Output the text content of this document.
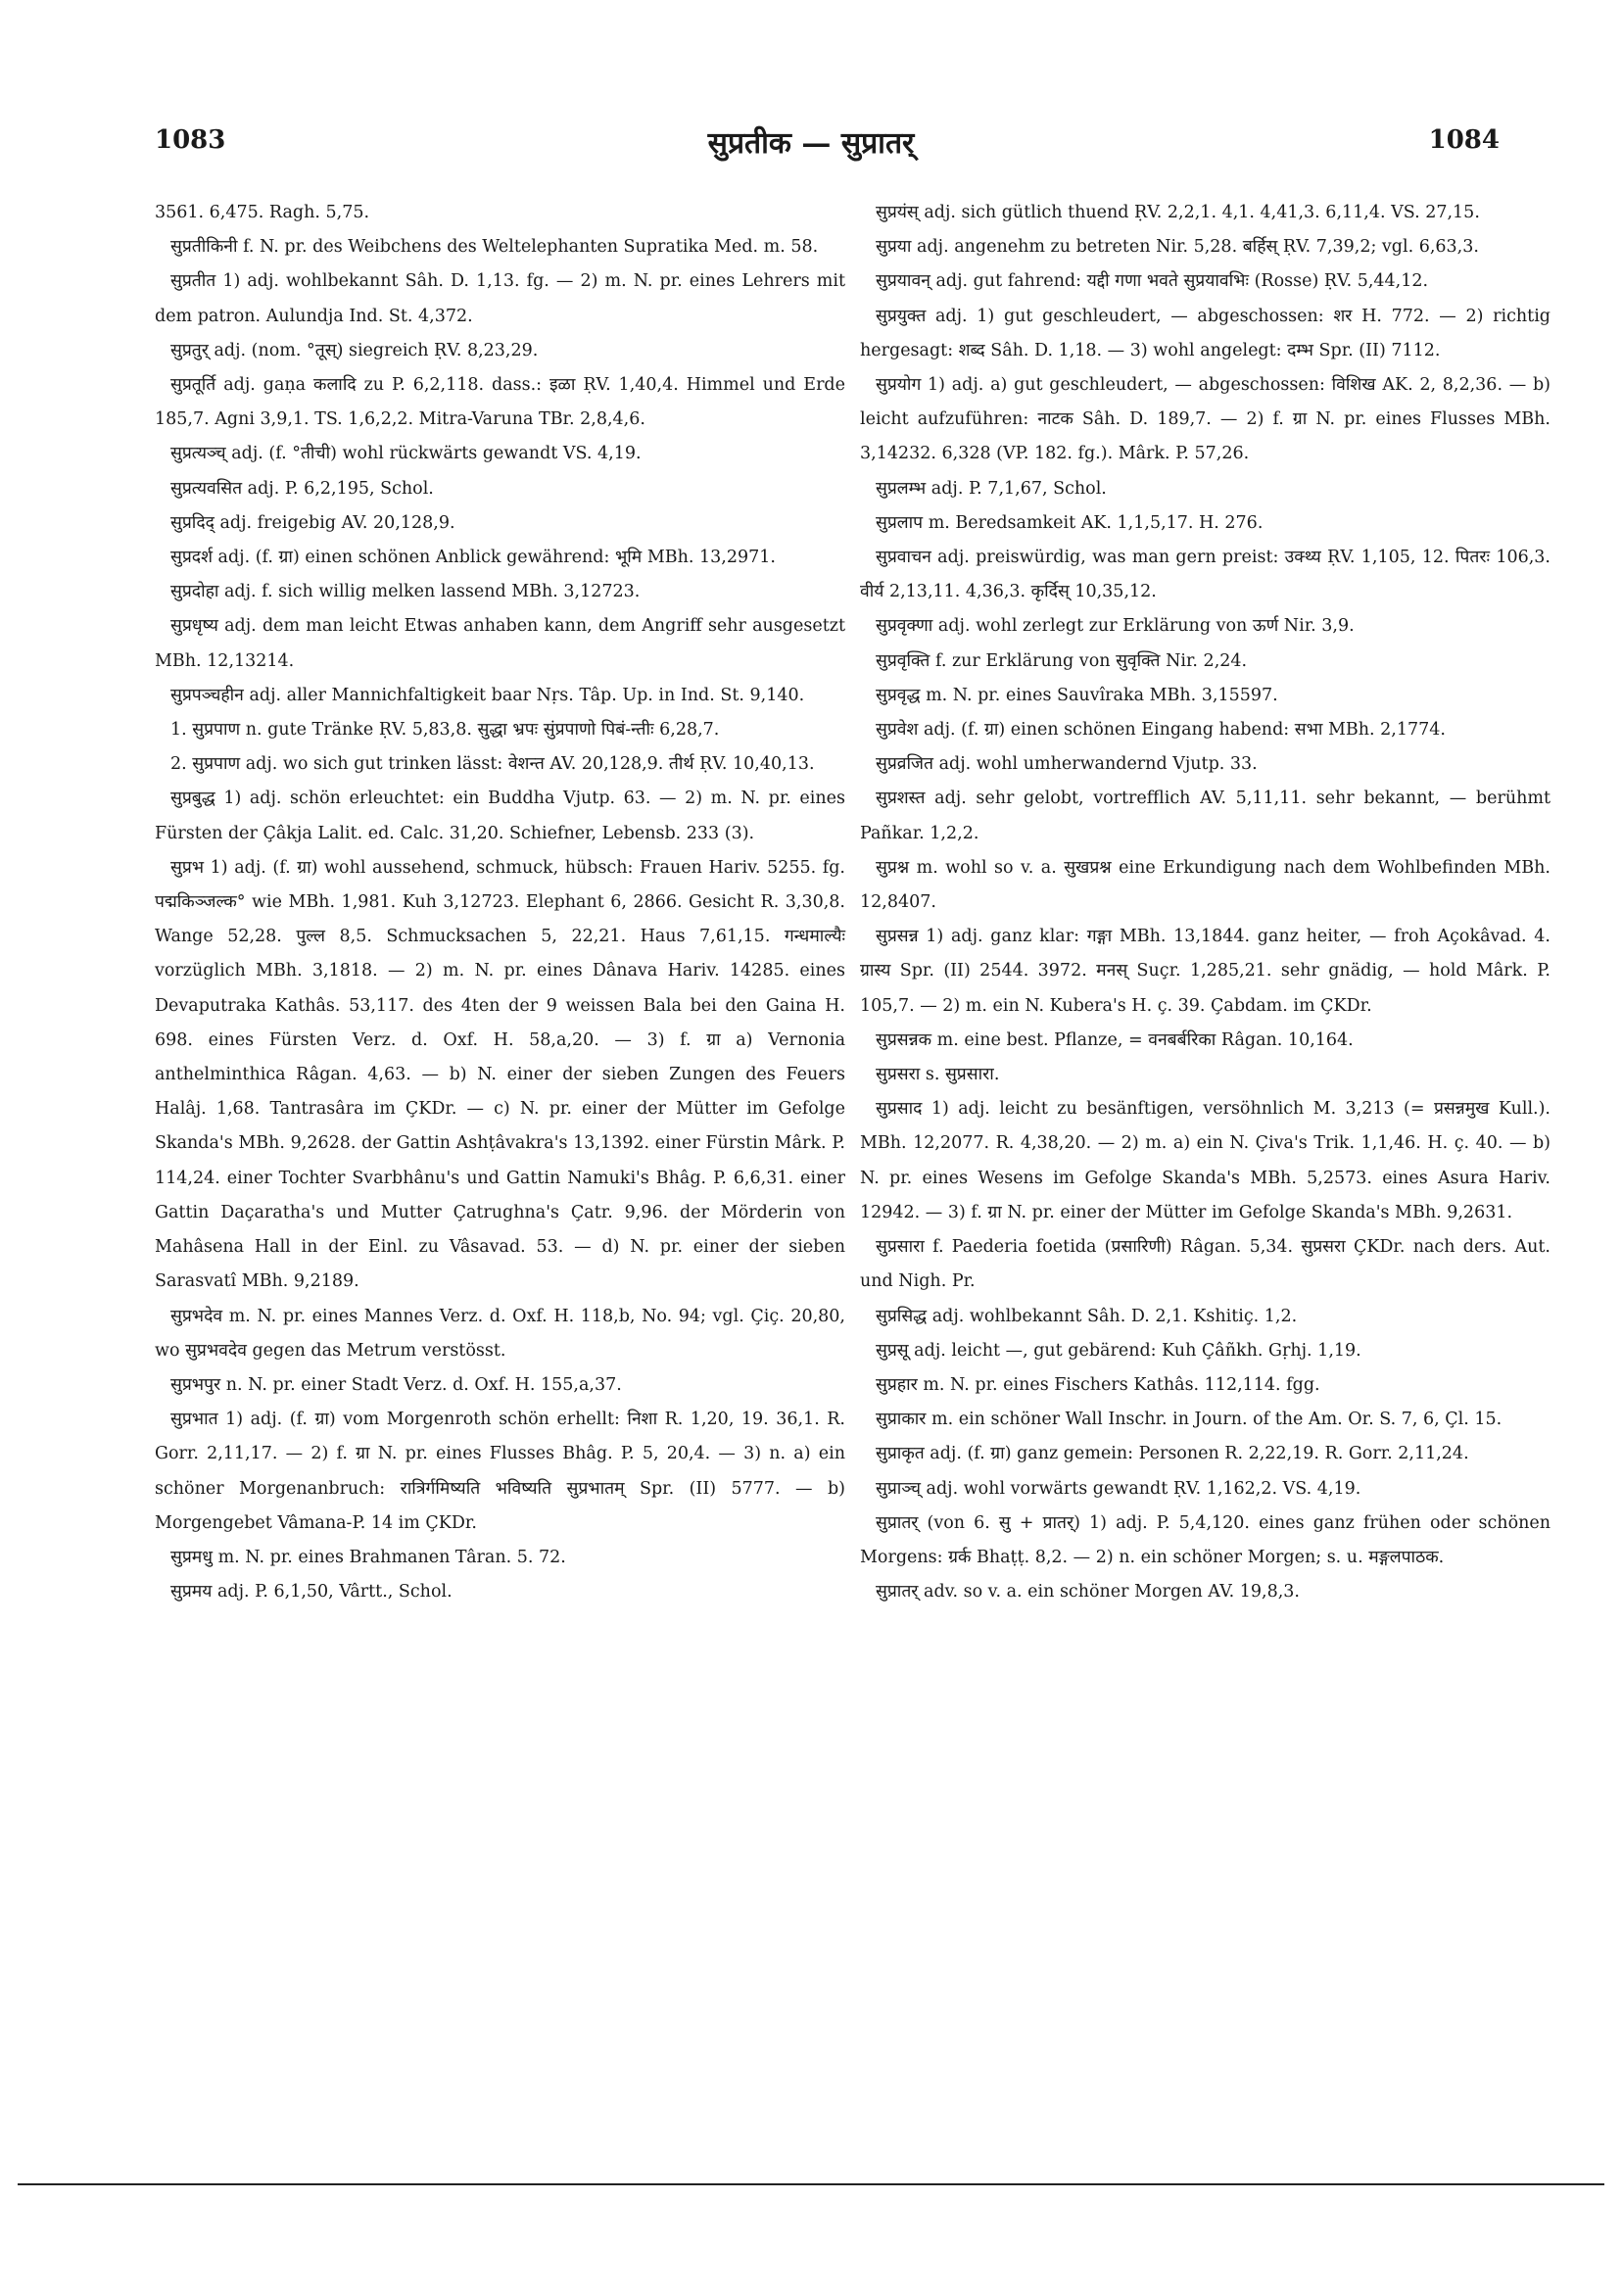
1083	सुप्रतीक — सुप्रातर्	1084

3561. 6,475. Ragh. 5,75.

सुप्रतीकिनी f. N. pr. des Weibchens des Weltelephanten Supratika Med. m. 58.

सुप्रतीत 1) adj. wohlbekannt Sâh. D. 1,13. fg. — 2) m. N. pr. eines Lehrers mit dem patron. Aulundja Ind. St. 4,372.

सुप्रतुर् adj. (nom. °तूस्) siegreich ṚV. 8,23,29.

सुप्रतूर्ति adj. gaṇa कलादि zu P. 6,2,118. dass.: इळा ṚV. 1,40,4. Himmel und Erde 185,7. Agni 3,9,1. TS. 1,6,2,2. Mitra-Varuna TBr. 2,8,4,6.

सुप्रत्यञ्च् adj. (f. °तीची) wohl rückwärts gewandt VS. 4,19.

सुप्रत्यवसित adj. P. 6,2,195, Schol.

सुप्रदिद् adj. freigebig AV. 20,128,9.

सुप्रदर्श adj. (f. ग्रा) einen schönen Anblick gewährend: भूमि MBh. 13,2971.

सुप्रदोहा adj. f. sich willig melken lassend MBh. 3,12723.

सुप्रधृष्य adj. dem man leicht Etwas anhaben kann, dem Angriff sehr ausgesetzt MBh. 12,13214.

सुप्रपञ्चहीन adj. aller Mannichfaltigkeit baar Nṛs. Tâp. Up. in Ind. St. 9,140.

1. सुप्रपाण n. gute Tränke ṚV. 5,83,8. सुद्धा भ्रपः सुंप्रपाणो पिबं-न्तीः 6,28,7.

2. सुप्रपाण adj. wo sich gut trinken lässt: वेशन्त AV. 20,128,9. तीर्थ ṚV. 10,40,13.

सुप्रबुद्ध 1) adj. schön erleuchtet: ein Buddha Vjutp. 63. — 2) m. N. pr. eines Fürsten der Çâkja Lalit. ed. Calc. 31,20. Schiefner, Lebensb. 233 (3).

सुप्रभ 1) adj. (f. ग्रा) wohl aussehend, schmuck, hübsch: Frauen Hariv. 5255. fg. पद्मकिञ्जल्क° wie MBh. 1,981. Kuh 3,12723. Elephant 6, 2866. Gesicht R. 3,30,8. Wange 52,28. पुल्ल 8,5. Schmucksachen 5, 22,21. Haus 7,61,15. गन्धमाल्यैः vorzüglich MBh. 3,1818. — 2) m. N. pr. eines Dânava Hariv. 14285. eines Devaputraka Kathâs. 53,117. des 4ten der 9 weissen Bala bei den Gaina H. 698. eines Fürsten Verz. d. Oxf. H. 58,a,20. — 3) f. ग्रा a) Vernonia anthelminthica Râgan. 4,63. — b) N. einer der sieben Zungen des Feuers Halâj. 1,68. Tantrasâra im ÇKDr. — c) N. pr. einer der Mütter im Gefolge Skanda's MBh. 9,2628. der Gattin Ashṭâvakra's 13,1392. einer Fürstin Mârk. P. 114,24. einer Tochter Svarbhânu's und Gattin Namuki's Bhâg. P. 6,6,31. einer Gattin Daçaratha's und Mutter Çatrughna's Çatr. 9,96. der Mörderin von Mahâsena Hall in der Einl. zu Vâsavad. 53. — d) N. pr. einer der sieben Sarasvatî MBh. 9,2189.

सुप्रभदेव m. N. pr. eines Mannes Verz. d. Oxf. H. 118,b, No. 94; vgl. Çiç. 20,80, wo सुप्रभवदेव gegen das Metrum verstösst.

सुप्रभपुर n. N. pr. einer Stadt Verz. d. Oxf. H. 155,a,37.

सुप्रभात 1) adj. (f. ग्रा) vom Morgenroth schön erhellt: निशा R. 1,20, 19. 36,1. R. Gorr. 2,11,17. — 2) f. ग्रा N. pr. eines Flusses Bhâg. P. 5, 20,4. — 3) n. a) ein schöner Morgenanbruch: रात्रिर्गमिष्यति भविष्यति सुप्रभातम् Spr. (II) 5777. — b) Morgengebet Vâmana-P. 14 im ÇKDr.

सुप्रमधु m. N. pr. eines Brahmanen Târan. 5. 72.

सुप्रमय adj. P. 6,1,50, Vârtt., Schol.

सुप्रयंस् adj. sich gütlich thuend ṚV. 2,2,1. 4,1. 4,41,3. 6,11,4. VS. 27,15.

सुप्रया adj. angenehm zu betreten Nir. 5,28. बर्हिस् ṚV. 7,39,2; vgl. 6,63,3.

सुप्रयावन् adj. gut fahrend: यद्दी गणा भवते सुप्रयावभिः (Rosse) ṚV. 5,44,12.

सुप्रयुक्त adj. 1) gut geschleudert, — abgeschossen: शर H. 772. — 2) richtig hergesagt: शब्द Sâh. D. 1,18. — 3) wohl angelegt: दम्भ Spr. (II) 7112.

सुप्रयोग 1) adj. a) gut geschleudert, — abgeschossen: विशिख AK. 2, 8,2,36. — b) leicht aufzuführen: नाटक Sâh. D. 189,7. — 2) f. ग्रा N. pr. eines Flusses MBh. 3,14232. 6,328 (VP. 182. fg.). Mârk. P. 57,26.

सुप्रलम्भ adj. P. 7,1,67, Schol.

सुप्रलाप m. Beredsamkeit AK. 1,1,5,17. H. 276.

सुप्रवाचन adj. preiswürdig, was man gern preist: उक्थ्य ṚV. 1,105, 12. पितरः 106,3. वीर्य 2,13,11. 4,36,3. कृर्दिस् 10,35,12.

सुप्रवृक्णा adj. wohl zerlegt zur Erklärung von ऊर्ण Nir. 3,9.

सुप्रवृक्ति f. zur Erklärung von सुवृक्ति Nir. 2,24.

सुप्रवृद्ध m. N. pr. eines Sauvîraka MBh. 3,15597.

सुप्रवेश adj. (f. ग्रा) einen schönen Eingang habend: सभा MBh. 2,1774.

सुप्रव्रजित adj. wohl umherwandernd Vjutp. 33.

सुप्रशस्त adj. sehr gelobt, vortrefflich AV. 5,11,11. sehr bekannt, — berühmt Pañkar. 1,2,2.

सुप्रश्न m. wohl so v. a. सुखप्रश्न eine Erkundigung nach dem Wohlbefinden MBh. 12,8407.

सुप्रसन्न 1) adj. ganz klar: गङ्गा MBh. 13,1844. ganz heiter, — froh Açokâvad. 4. ग्रास्य Spr. (II) 2544. 3972. मनस् Suçr. 1,285,21. sehr gnädig, — hold Mârk. P. 105,7. — 2) m. ein N. Kubera's H. ç. 39. Çabdam. im ÇKDr.

सुप्रसन्नक m. eine best. Pflanze, = वनबर्बरिका Râgan. 10,164.

सुप्रसरा s. सुप्रसारा.

सुप्रसाद 1) adj. leicht zu besänftigen, versöhnlich M. 3,213 (= प्रसन्नमुख Kull.). MBh. 12,2077. R. 4,38,20. — 2) m. a) ein N. Çiva's Trik. 1,1,46. H. ç. 40. — b) N. pr. eines Wesens im Gefolge Skanda's MBh. 5,2573. eines Asura Hariv. 12942. — 3) f. ग्रा N. pr. einer der Mütter im Gefolge Skanda's MBh. 9,2631.

सुप्रसारा f. Paederia foetida (प्रसारिणी) Râgan. 5,34. सुप्रसरा ÇKDr. nach ders. Aut. und Nigh. Pr.

सुप्रसिद्ध adj. wohlbekannt Sâh. D. 2,1. Kshitiç. 1,2.

सुप्रसू adj. leicht —, gut gebärend: Kuh Çâñkh. Gṛhj. 1,19.

सुप्रहार m. N. pr. eines Fischers Kathâs. 112,114. fgg.

सुप्राकार m. ein schöner Wall Inschr. in Journ. of the Am. Or. S. 7, 6, Çl. 15.

सुप्राकृत adj. (f. ग्रा) ganz gemein: Personen R. 2,22,19. R. Gorr. 2,11,24.

सुप्राञ्च् adj. wohl vorwärts gewandt ṚV. 1,162,2. VS. 4,19.

सुप्रातर् (von 6. सु + प्रातर्) 1) adj. P. 5,4,120. eines ganz frühen oder schönen Morgens: ग्रर्क Bhaṭṭ. 8,2. — 2) n. ein schöner Morgen; s. u. मङ्गलपाठक.

सुप्रातर् adv. so v. a. ein schöner Morgen AV. 19,8,3.
